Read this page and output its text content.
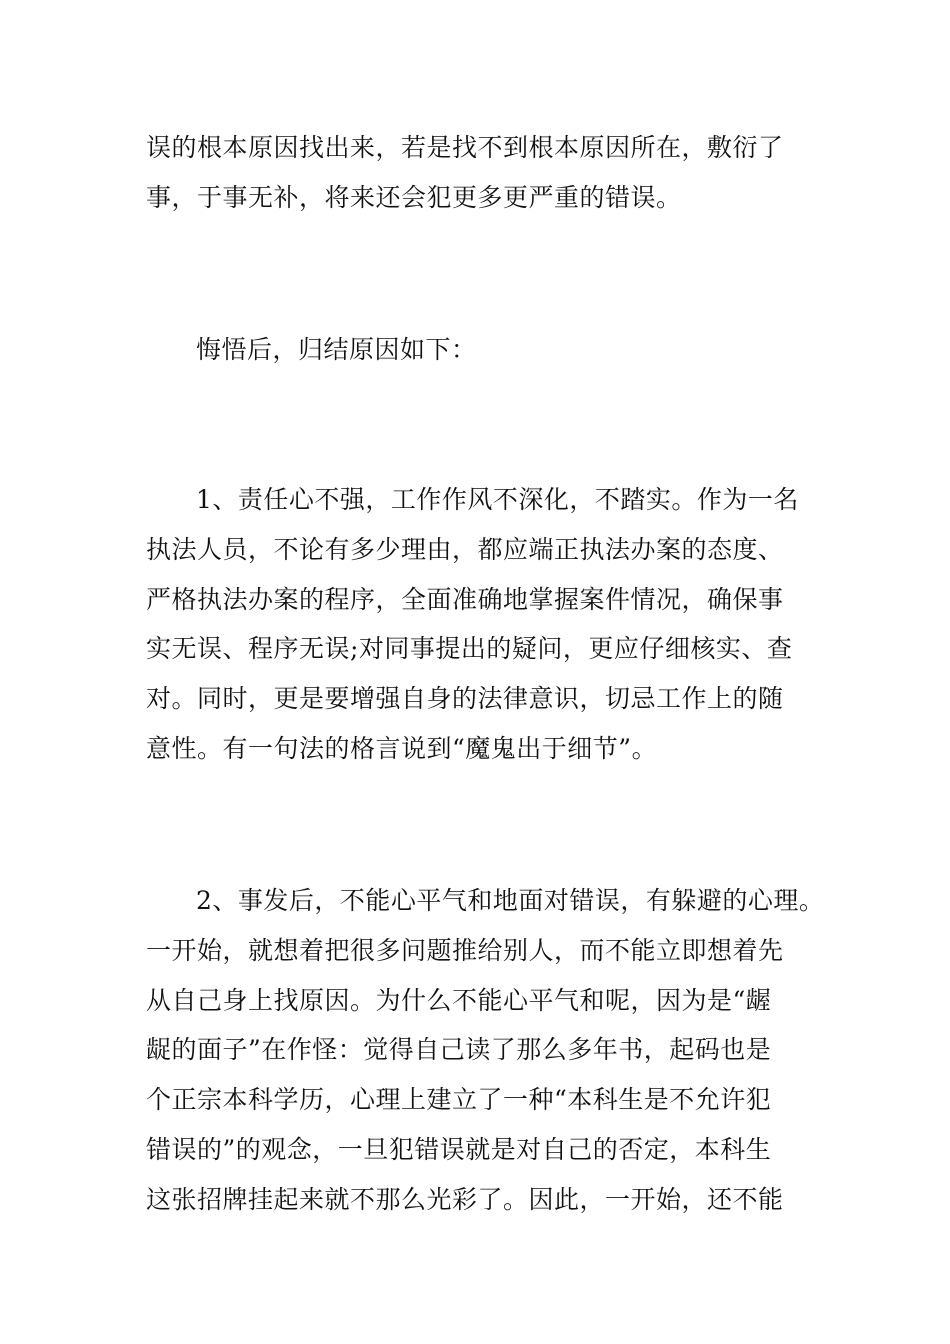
误的根本原因找出来，若是找不到根本原因所在，敷衍了
事，于事无补，将来还会犯更多更严重的错误。
悔悟后，归结原因如下：
1、责任心不强，工作作风不深化，不踏实。作为一名
执法人员，不论有多少理由，都应端正执法办案的态度、
严格执法办案的程序，全面准确地掌握案件情况，确保事
实无误、程序无误;对同事提出的疑问，更应仔细核实、查
对。同时，更是要增强自身的法律意识，切忌工作上的随
意性。有一句法的格言说到“魔鬼出于细节”。
2、事发后，不能心平气和地面对错误，有躲避的心理。
一开始，就想着把很多问题推给别人，而不能立即想着先
从自己身上找原因。为什么不能心平气和呢，因为是“龌
龊的面子”在作怪：觉得自己读了那么多年书，起码也是
个正宗本科学历，心理上建立了一种“本科生是不允许犯
错误的”的观念，一旦犯错误就是对自己的否定，本科生
这张招牌挂起来就不那么光彩了。因此，一开始，还不能
